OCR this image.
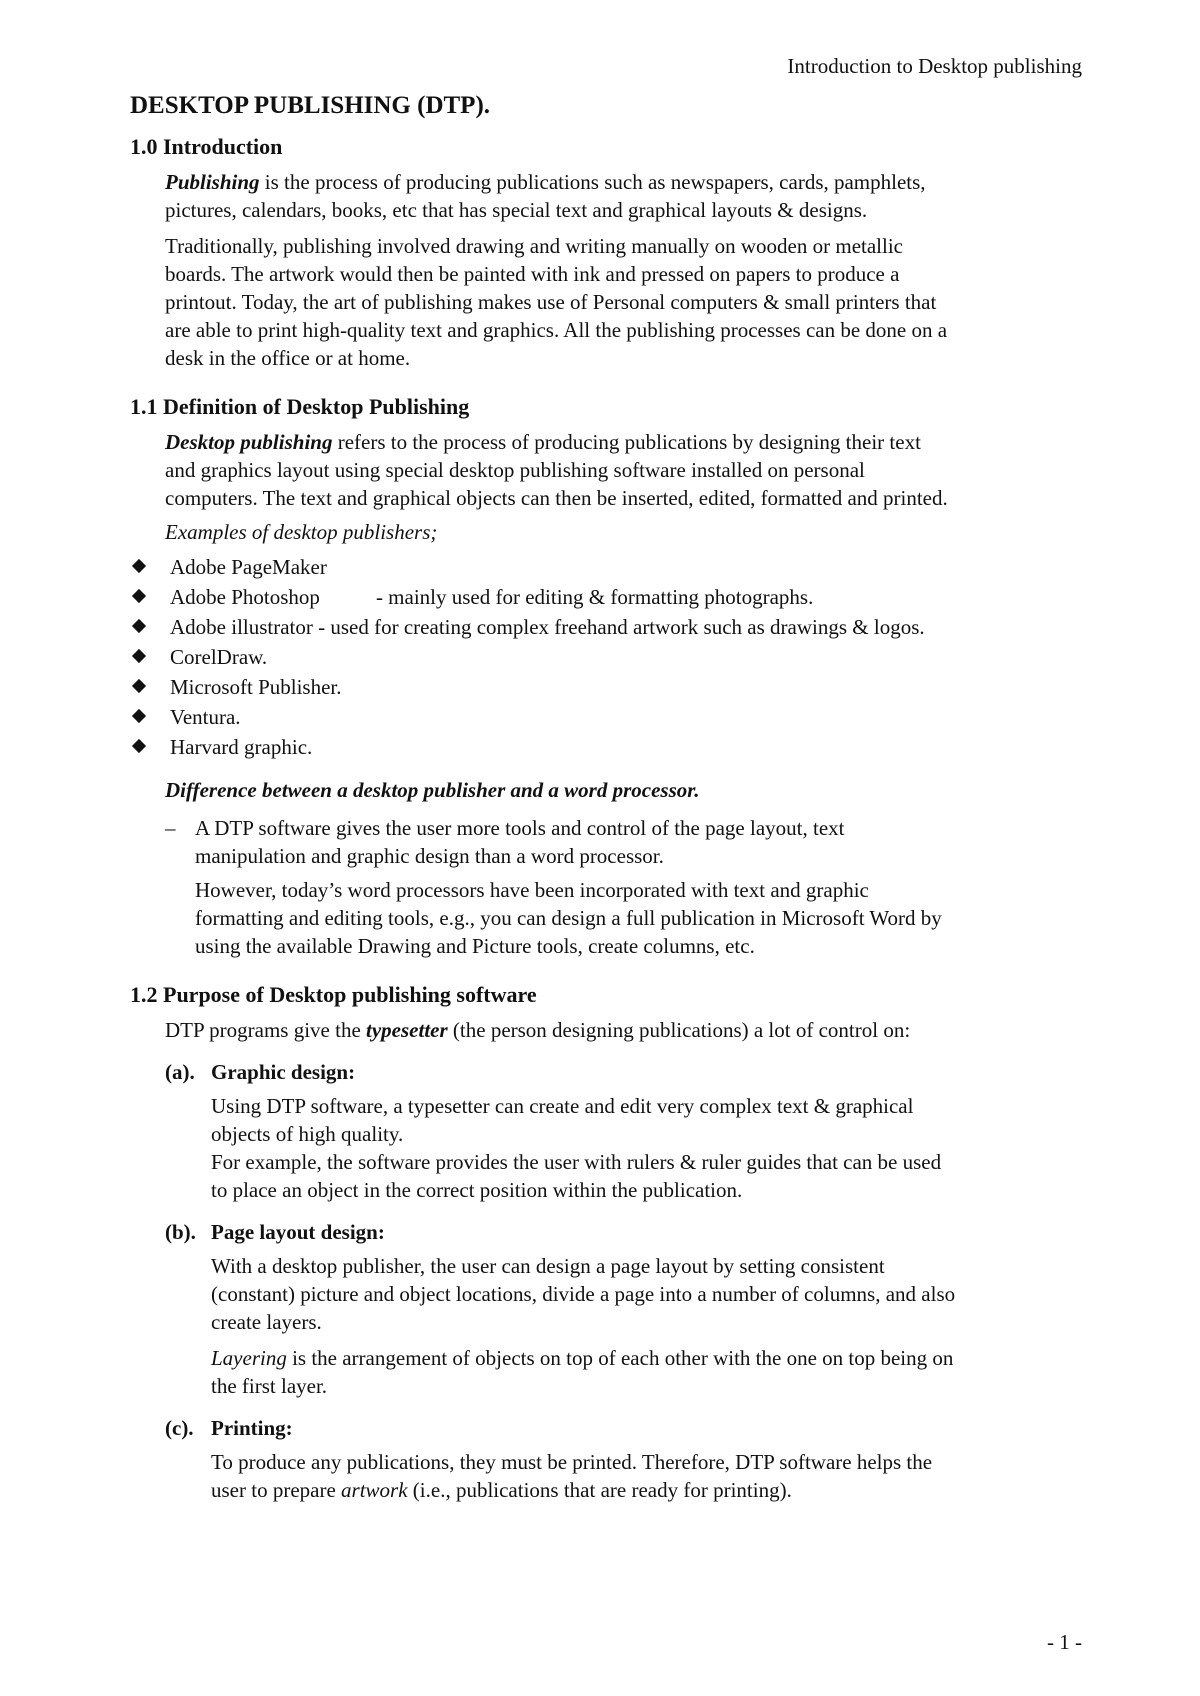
Introduction to Desktop publishing
DESKTOP PUBLISHING (DTP).
1.0 Introduction

Publishing is the process of producing publications such as newspapers, cards, pamphlets,
pictures, calendars, books, etc that has special text and graphical layouts & designs.

Traditionally, publishing involved drawing and writing manually on wooden or metallic
boards. The artwork would then be painted with ink and pressed on papers to produce a
printout. Today, the art of publishing makes use of Personal computers & small printers that
are able to print high-quality text and graphics. All the publishing processes can be done on a
desk in the office or at home.

1.1 Definition of Desktop Publishing

Desktop publishing refers to the process of producing publications by designing their text
and graphics layout using special desktop publishing software installed on personal
computers. The text and graphical objects can then be inserted, edited, formatted and printed.

Examples of desktop publishers;

Adobe PageMaker
Adobe Photoshop	- mainly used for editing & formatting photographs.
Adobe illustrator - used for creating complex freehand artwork such as drawings & logos.
CorelDraw.
Microsoft Publisher.
Ventura.
Harvard graphic.

Difference between a desktop publisher and a word processor.

– A DTP software gives the user more tools and control of the page layout, text
manipulation and graphic design than a word processor.

However, today’s word processors have been incorporated with text and graphic
formatting and editing tools, e.g., you can design a full publication in Microsoft Word by
using the available Drawing and Picture tools, create columns, etc.

1.2 Purpose of Desktop publishing software

DTP programs give the typesetter (the person designing publications) a lot of control on:

(a). Graphic design:

Using DTP software, a typesetter can create and edit very complex text & graphical
objects of high quality.
For example, the software provides the user with rulers & ruler guides that can be used
to place an object in the correct position within the publication.

(b). Page layout design:

With a desktop publisher, the user can design a page layout by setting consistent
(constant) picture and object locations, divide a page into a number of columns, and also
create layers.

Layering is the arrangement of objects on top of each other with the one on top being on
the first layer.

(c). Printing:

To produce any publications, they must be printed. Therefore, DTP software helps the
user to prepare artwork (i.e., publications that are ready for printing).

- 1 -
